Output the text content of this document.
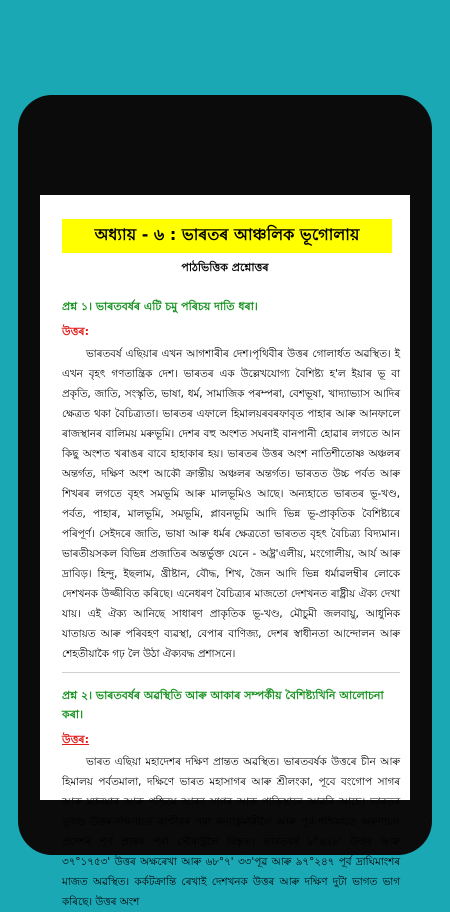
অধ্যায় - ৬ : ভাৰতৰ আঞ্চলিক ভূগোলায়
পাঠভিত্তিক প্রশ্নোত্তৰ
প্রশ্ন ১। ভাৰতবৰ্ষৰ এটি চমু পৰিচয় দাতি ধৰা।
উত্তৰ:
ভাৰতবৰ্ষ এছিয়াৰ এখন আগশাৰীৰ দেশ।পৃথিবীৰ উত্তৰ গোলাৰ্ধত অৱস্থিত। ই এখন বৃহৎ গণতান্ত্রিক দেশ। ভাৰতৰ এক উল্লেখযোগ্য বৈশিষ্ট্য হ'ল ইয়াৰ ভূ বা প্রকৃতি, জাতি, সংস্কৃতি, ভাষা, ধৰ্ম, সামাজিক পৰম্পৰা, বেশভূষা, খাদ্যাভ্যাস আদিৰ ক্ষেত্রত থকা বৈচিত্র্যতা। ভাৰতৰ এফালে হিমালয়ৰবৰফাবৃত পাহাৰ আৰু আনফালে ৰাজস্থানৰ বালিময় মৰুভূমি। দেশৰ বহু অংশত সঘনাই বানপানী হোৱাৰ লগতে আন কিছু অংশত খৰাঙৰ বাবে হাহাকাৰ হয়। ভাৰতৰ উত্তৰ অংশ নাতিশীতোষ্ণ অঞ্চলৰ অন্তৰ্গত, দক্ষিণ অংশ আকৌ ক্রান্তীয় অঞ্চলৰ অন্তৰ্গত। ভাৰতত উচ্চ পৰ্বত আৰু শিখৰৰ লগতে বৃহৎ সমভূমি আৰু মালভূমিও আছে। অন্যহাতে ভাৰতৰ ভূ-খণ্ড, পৰ্বত, পাহাৰ, মালভূমি, সমভূমি, প্লাবনভূমি আদি ভিন্ন ভূ-প্রাকৃতিক বৈশিষ্ট্যৰে পৰিপূৰ্ণ। সেইদৰে জাতি, ভাষা আৰু ধৰ্মৰ ক্ষেত্রতো ভাৰতত বৃহৎ বৈচিত্র্য বিদ্যমান। ভাৰতীয়সকল বিভিন্ন প্রজাতিৰ অন্তৰ্ভুক্ত যেনে - অষ্ট্ৰ'এলীয়, মংগোলীয়, আৰ্য আৰু দ্ৰাবিড়। হিন্দু, ইছলাম, খ্ৰীষ্টান, বৌদ্ধ, শিখ, জৈন আদি ভিন্ন ধৰ্মাৱলম্বীৰ লোকে দেশখনক উজ্জীবিত কৰিছে। এনেধৰণ বৈচিত্র্যৰ মাজতো দেশখনত ৰাষ্ট্রীয় ঐক্য দেখা যায়। এই ঐক্য আনিছে সাধাৰণ প্রাকৃতিক ভূ-খণ্ড, মৌচুমী জলবায়ু, আধুনিক যাতায়ত আৰু পৰিবহণ ব্যৱস্থা, বেপাৰ বাণিজ্য, দেশৰ স্বাধীনতা আন্দোলন আৰু শেহতীয়াকৈ গঢ় লৈ উঠা ঐক্যবদ্ধ প্রশাসনে।
প্রশ্ন ২। ভাৰতবৰ্ষৰ অৱস্থিতি আৰু আকাৰ সম্পৰ্কীয় বৈশিষ্ট্যখিনি আলোচনা কৰা।
উত্তৰ:
ভাৰত এছিয়া মহাদেশৰ দক্ষিণ প্রান্তত অৱস্থিত। ভাৰতবৰ্ষক উত্তৰে চীন আৰু হিমালয় পৰ্বতমালা, দক্ষিণে ভাৰত মহাসাগৰ আৰু শ্ৰীলংকা, পূবে বংগোপ সাগৰ আৰু ম্যানমাৰ আৰু পশ্চিমে আৰব সাগৰ আৰু পাকিস্তানে আৱৰি আছে। ভাৰতৰ ভূখণ্ড উত্তৰ-দক্ষিণাতে কাশ্মীৰৰ পৰা কন্যাকুমাৰীলৈ আৰু পূৰ্ব-পশ্চিমাতে অৰুণাচল প্রদেশৰ পূৰ্ব প্রান্তৰ পৰা সৌৰাষ্ট্রলৈ বিস্তৃত। ভাৰতবৰ্ষ ৮°৪২৮' উত্তৰ আৰু ৩৭°১৭৫৩' উত্তৰ অক্ষৰেখা আৰু ৬৮°৭' ৩৩'পূৱ আৰু ৯৭°২৪৭ পূৰ্ব দ্রাঘিমাংশৰ মাজত অৱস্থিত। কৰ্কটক্রান্তি ৰেখাই দেশখনক উত্তৰ আৰু দক্ষিণ দুটা ভাগত ভাগ কৰিছে। উত্তৰ অংশ
